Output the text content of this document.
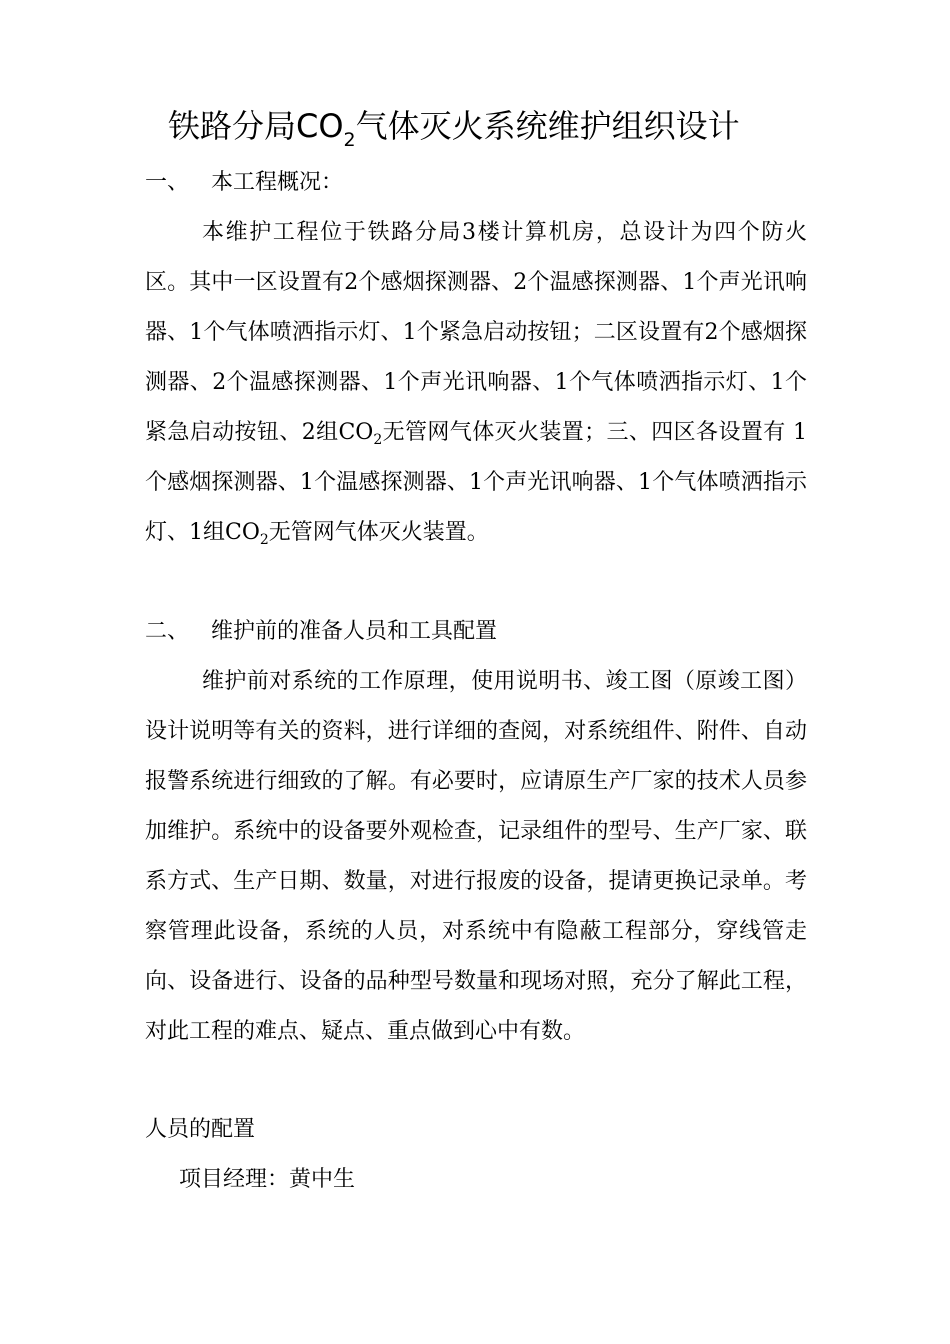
铁路分局$CO_2$气体灭火系统维护组织设计
一、 本工程概况：

本维护工程位于铁路分局3楼计算机房，总设计为四个防火区。其中一区设置有2个感烟探测器、2个温感探测器、1个声光讯响器、1个气体喷洒指示灯、1个紧急启动按钮；二区设置有2个感烟探测器、2个温感探测器、1个声光讯响器、1个气体喷洒指示灯、1个紧急启动按钮、2组$CO_2$无管网气体灭火装置；三、四区各设置有 1个感烟探测器、1个温感探测器、1个声光讯响器、1个气体喷洒指示灯、1组$CO_2$无管网气体灭火装置。

二、 维护前的准备人员和工具配置

维护前对系统的工作原理，使用说明书、竣工图（原竣工图）设计说明等有关的资料，进行详细的查阅，对系统组件、附件、自动报警系统进行细致的了解。有必要时，应请原生产厂家的技术人员参加维护。系统中的设备要外观检查，记录组件的型号、生产厂家、联系方式、生产日期、数量，对进行报废的设备，提请更换记录单。考察管理此设备，系统的人员，对系统中有隐蔽工程部分，穿线管走向、设备进行、设备的品种型号数量和现场对照，充分了解此工程，对此工程的难点、疑点、重点做到心中有数。

人员的配置
项目经理：黄中生
